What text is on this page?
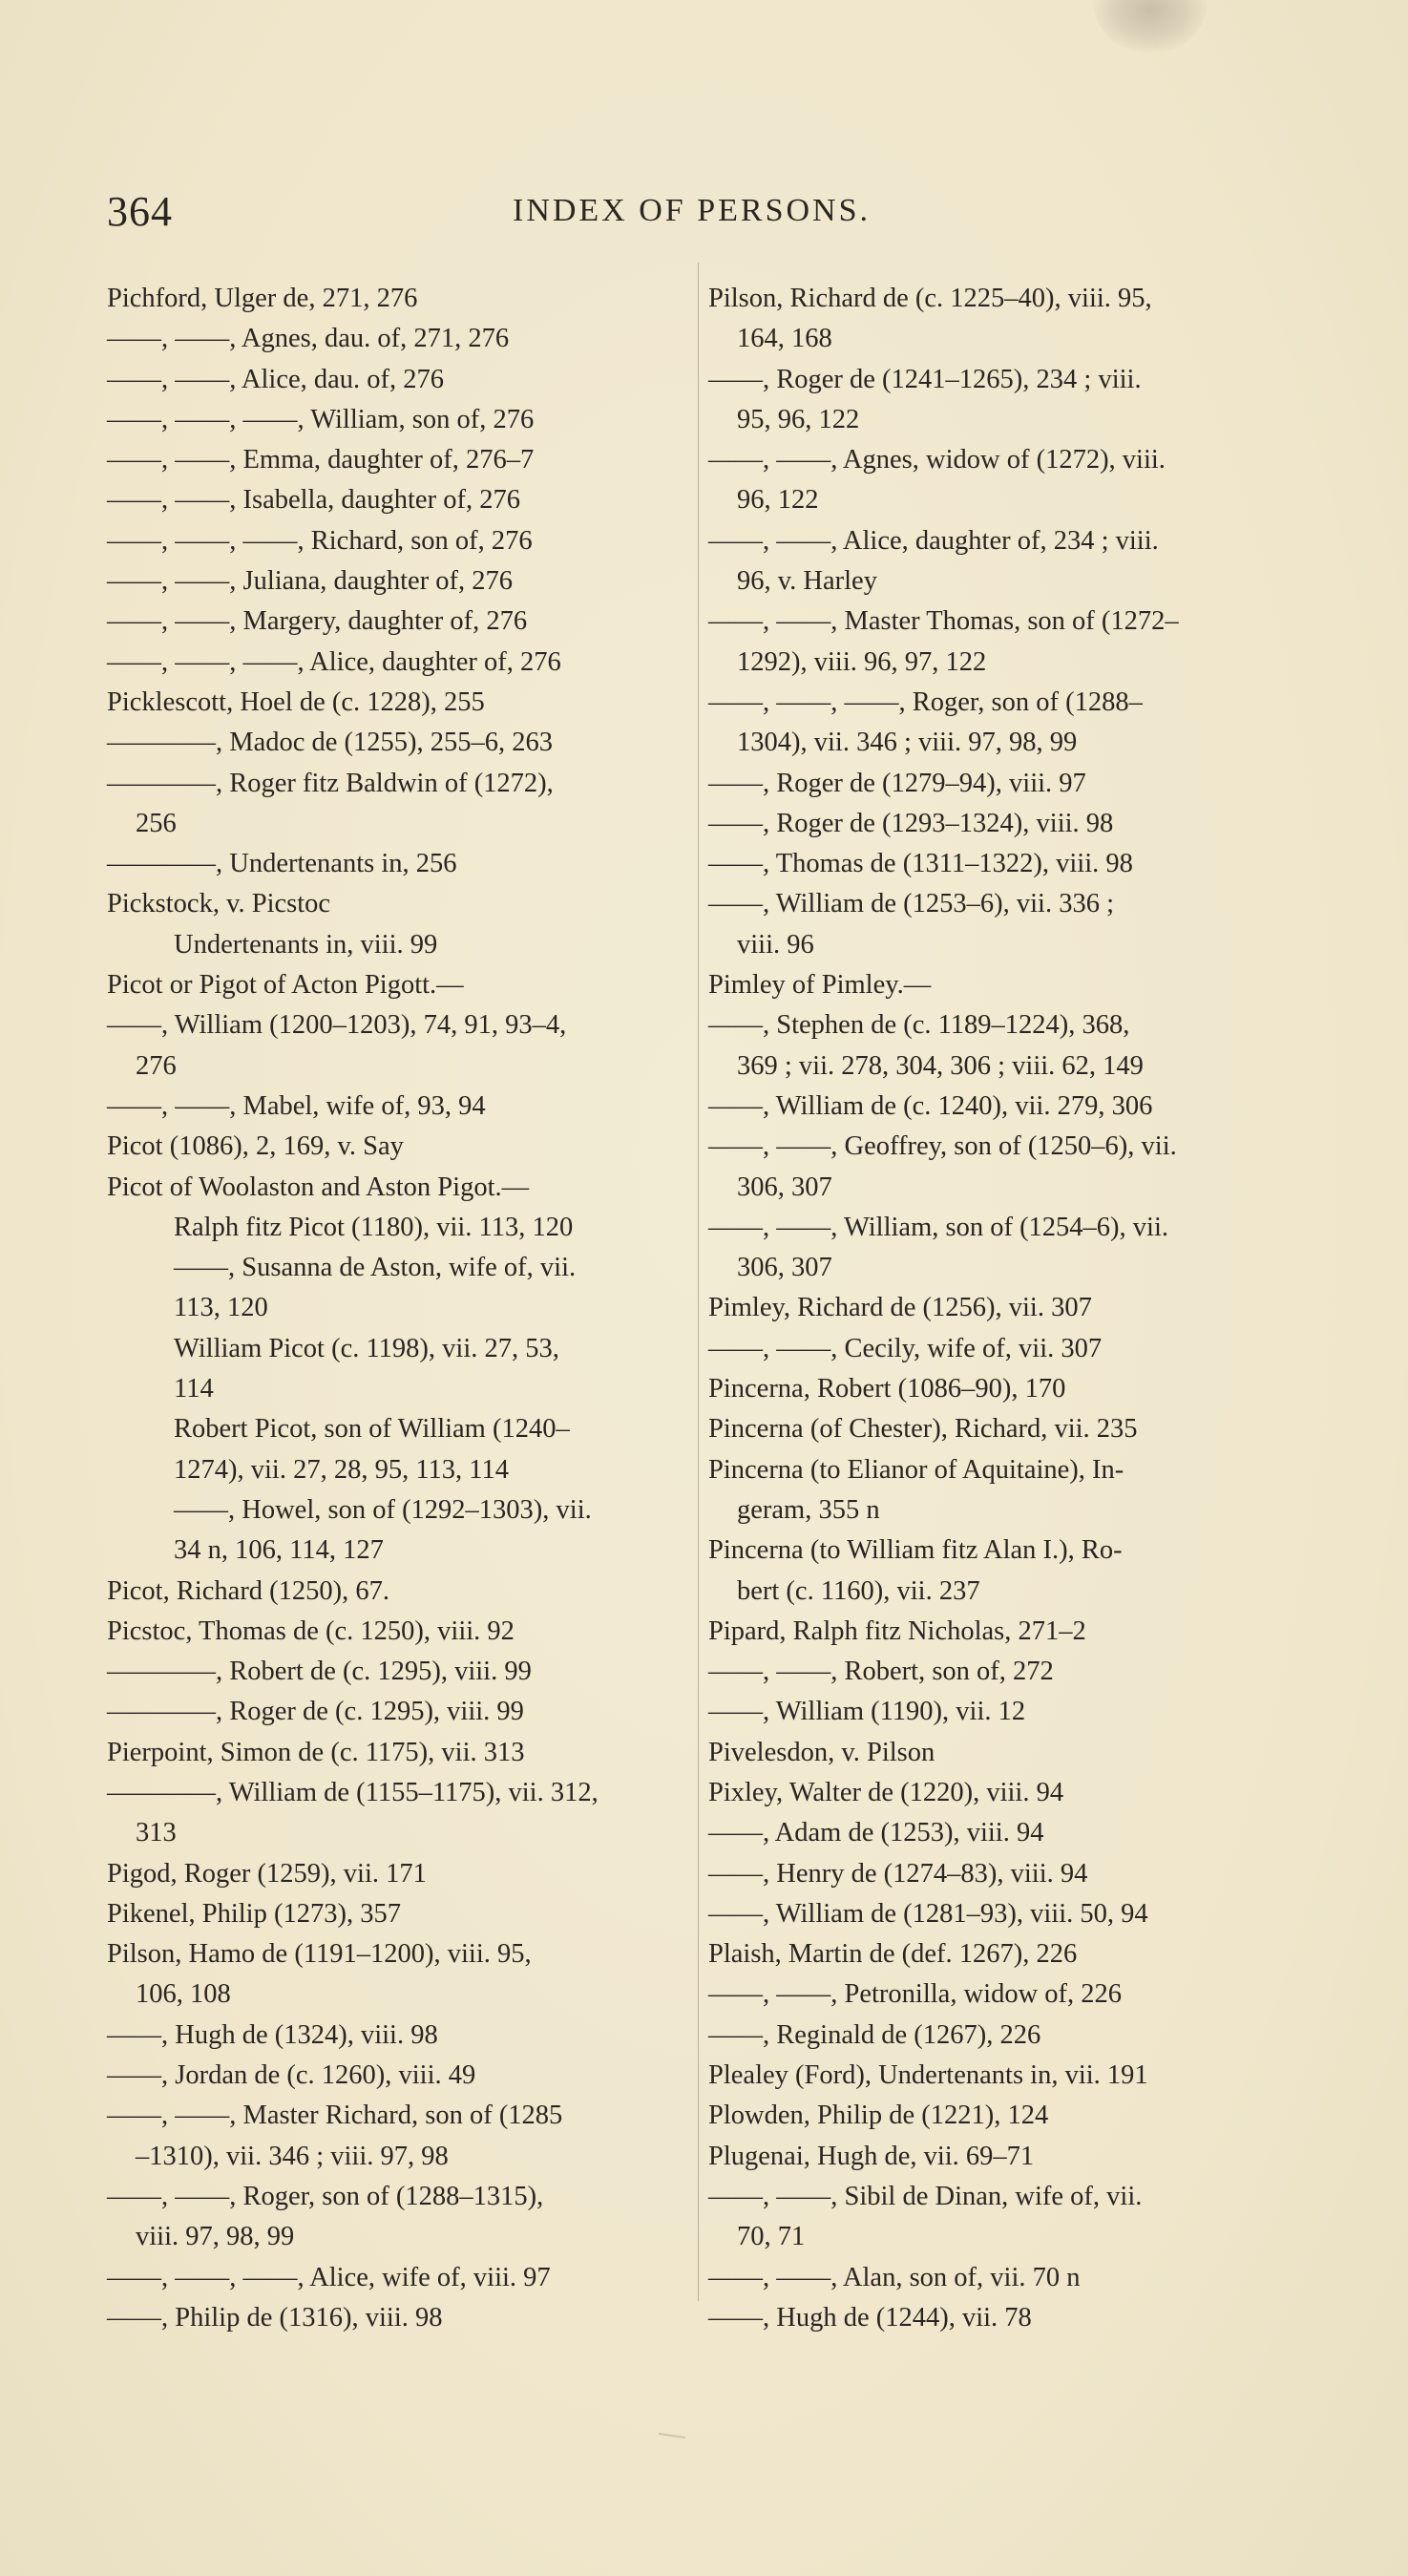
364	INDEX OF PERSONS.
Pichford, Ulger de, 271, 276
——, ——, Agnes, dau. of, 271, 276
——, ——, Alice, dau. of, 276
——, ——, ——, William, son of, 276
——, ——, Emma, daughter of, 276–7
——, ——, Isabella, daughter of, 276
——, ——, ——, Richard, son of, 276
——, ——, Juliana, daughter of, 276
——, ——, Margery, daughter of, 276
——, ——, ——, Alice, daughter of, 276
Picklescott, Hoel de (c. 1228), 255
————, Madoc de (1255), 255–6, 263
————, Roger fitz Baldwin of (1272),
256
————, Undertenants in, 256
Pickstock, v. Picstoc
Undertenants in, viii. 99
Picot or Pigot of Acton Pigott.—
——, William (1200–1203), 74, 91, 93–4,
276
——, ——, Mabel, wife of, 93, 94
Picot (1086), 2, 169, v. Say
Picot of Woolaston and Aston Pigot.—
Ralph fitz Picot (1180), vii. 113, 120
——, Susanna de Aston, wife of, vii.
113, 120
William Picot (c. 1198), vii. 27, 53,
114
Robert Picot, son of William (1240–
1274), vii. 27, 28, 95, 113, 114
——, Howel, son of (1292–1303), vii.
34 n, 106, 114, 127
Picot, Richard (1250), 67.
Picstoc, Thomas de (c. 1250), viii. 92
————, Robert de (c. 1295), viii. 99
————, Roger de (c. 1295), viii. 99
Pierpoint, Simon de (c. 1175), vii. 313
————, William de (1155–1175), vii. 312,
313
Pigod, Roger (1259), vii. 171
Pikenel, Philip (1273), 357
Pilson, Hamo de (1191–1200), viii. 95,
106, 108
——, Hugh de (1324), viii. 98
——, Jordan de (c. 1260), viii. 49
——, ——, Master Richard, son of (1285
–1310), vii. 346 ; viii. 97, 98
——, ——, Roger, son of (1288–1315),
viii. 97, 98, 99
——, ——, ——, Alice, wife of, viii. 97
——, Philip de (1316), viii. 98
Pilson, Richard de (c. 1225–40), viii. 95,
164, 168
——, Roger de (1241–1265), 234 ; viii.
95, 96, 122
——, ——, Agnes, widow of (1272), viii.
96, 122
——, ——, Alice, daughter of, 234 ; viii.
96, v. Harley
——, ——, Master Thomas, son of (1272–
1292), viii. 96, 97, 122
——, ——, ——, Roger, son of (1288–
1304), vii. 346 ; viii. 97, 98, 99
——, Roger de (1279–94), viii. 97
——, Roger de (1293–1324), viii. 98
——, Thomas de (1311–1322), viii. 98
——, William de (1253–6), vii. 336 ;
viii. 96
Pimley of Pimley.—
——, Stephen de (c. 1189–1224), 368,
369 ; vii. 278, 304, 306 ; viii. 62, 149
——, William de (c. 1240), vii. 279, 306
——, ——, Geoffrey, son of (1250–6), vii.
306, 307
——, ——, William, son of (1254–6), vii.
306, 307
Pimley, Richard de (1256), vii. 307
——, ——, Cecily, wife of, vii. 307
Pincerna, Robert (1086–90), 170
Pincerna (of Chester), Richard, vii. 235
Pincerna (to Elianor of Aquitaine), In-
geram, 355 n
Pincerna (to William fitz Alan I.), Ro-
bert (c. 1160), vii. 237
Pipard, Ralph fitz Nicholas, 271–2
——, ——, Robert, son of, 272
——, William (1190), vii. 12
Pivelesdon, v. Pilson
Pixley, Walter de (1220), viii. 94
——, Adam de (1253), viii. 94
——, Henry de (1274–83), viii. 94
——, William de (1281–93), viii. 50, 94
Plaish, Martin de (def. 1267), 226
——, ——, Petronilla, widow of, 226
——, Reginald de (1267), 226
Plealey (Ford), Undertenants in, vii. 191
Plowden, Philip de (1221), 124
Plugenai, Hugh de, vii. 69–71
——, ——, Sibil de Dinan, wife of, vii.
70, 71
——, ——, Alan, son of, vii. 70 n
——, Hugh de (1244), vii. 78
